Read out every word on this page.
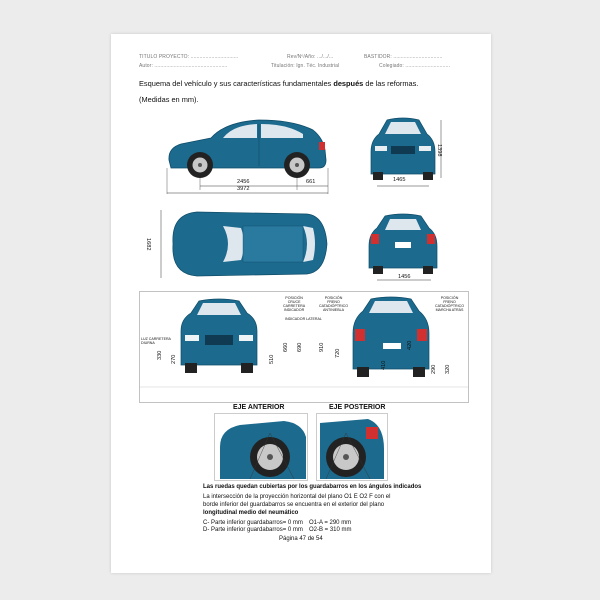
TITULO PROYECTO: ................................	Rev/Nº/Año: .../.../...	BASTIDOR: .................................
Autor: .................................................	Titulación: Ign. Téc. Industrial	Colegiado: ..............................
Esquema del vehículo y sus características fundamentales después de las reformas.
(Medidas en mm).
2456	661
3972
1398
1465
1682
1456
LUZ CARRETERA
DIURNA
POSICIÓN
CRUCE
CARRETERA
INDICADOR
INDICADOR LATERAL
POSICIÓN
FRENO
CATADIÓPTRICO
ANTINIEBLA
POSICIÓN
FRENO
CATADIÓPTRICO
MARCHA ATRÁS
330 270	510
660 690	910
720
410
420
290 320
EJE ANTERIOR	EJE POSTERIOR
Las ruedas quedan cubiertas por los guardabarros en los ángulos indicados
La intersección de la proyección horizontal del plano O1 E O2 F con el
borde inferior del guardabarros se encuentra en el exterior del plano
longitudinal medio del neumático
C- Parte inferior guardabarros= 0 mm O1-A = 290 mm
D- Parte inferior guardabarros= 0 mm O2-B = 310 mm
Página 47 de 54
